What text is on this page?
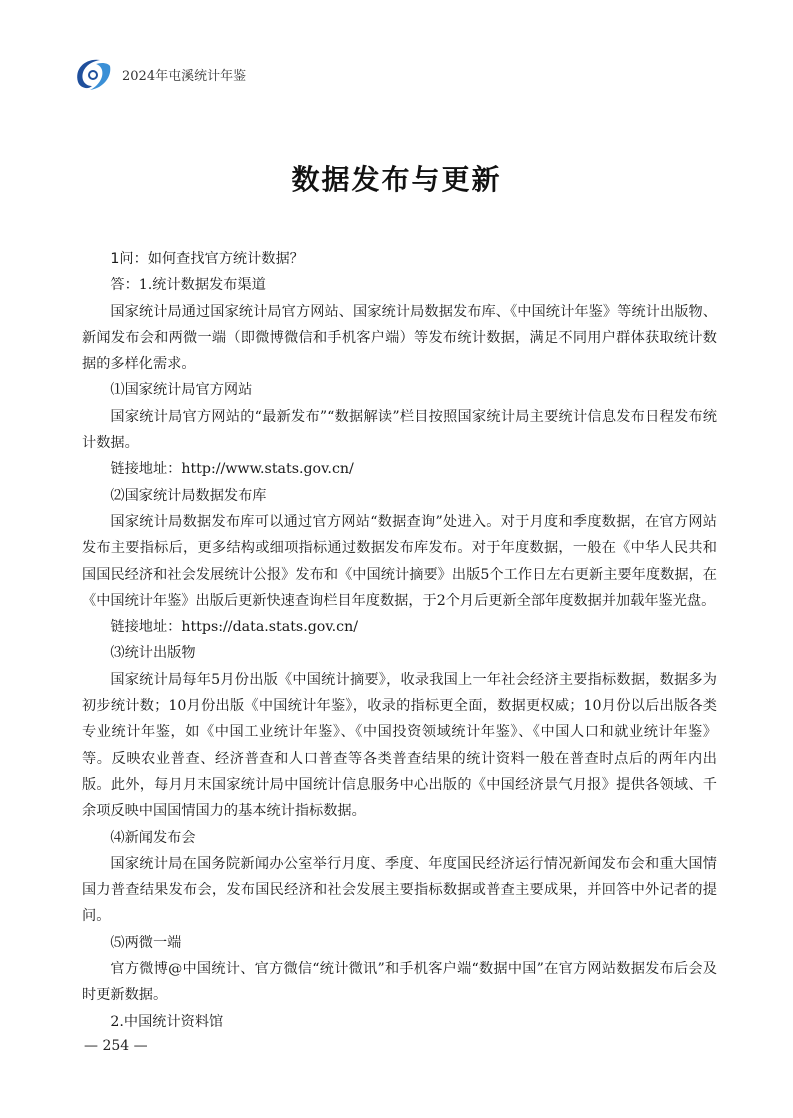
2024年屯溪统计年鉴
数据发布与更新

1问：如何查找官方统计数据？

答：1.统计数据发布渠道

国家统计局通过国家统计局官方网站、国家统计局数据发布库、《中国统计年鉴》等统计出版物、新闻发布会和两微一端（即微博微信和手机客户端）等发布统计数据，满足不同用户群体获取统计数据的多样化需求。

⑴国家统计局官方网站

国家统计局官方网站的“最新发布”“数据解读”栏目按照国家统计局主要统计信息发布日程发布统计数据。

链接地址：http://www.stats.gov.cn/

⑵国家统计局数据发布库

国家统计局数据发布库可以通过官方网站“数据查询”处进入。对于月度和季度数据，在官方网站发布主要指标后，更多结构或细项指标通过数据发布库发布。对于年度数据，一般在《中华人民共和国国民经济和社会发展统计公报》发布和《中国统计摘要》出版5个工作日左右更新主要年度数据，在《中国统计年鉴》出版后更新快速查询栏目年度数据，于2个月后更新全部年度数据并加载年鉴光盘。

链接地址：https://data.stats.gov.cn/

⑶统计出版物

国家统计局每年5月份出版《中国统计摘要》，收录我国上一年社会经济主要指标数据，数据多为初步统计数；10月份出版《中国统计年鉴》，收录的指标更全面，数据更权威；10月份以后出版各类专业统计年鉴，如《中国工业统计年鉴》、《中国投资领域统计年鉴》、《中国人口和就业统计年鉴》等。反映农业普查、经济普查和人口普查等各类普查结果的统计资料一般在普查时点后的两年内出版。此外，每月月末国家统计局中国统计信息服务中心出版的《中国经济景气月报》提供各领域、千余项反映中国国情国力的基本统计指标数据。

⑷新闻发布会

国家统计局在国务院新闻办公室举行月度、季度、年度国民经济运行情况新闻发布会和重大国情国力普查结果发布会，发布国民经济和社会发展主要指标数据或普查主要成果，并回答中外记者的提问。

⑸两微一端

官方微博@中国统计、官方微信“统计微讯”和手机客户端“数据中国”在官方网站数据发布后会及时更新数据。

2.中国统计资料馆

— 254 —
